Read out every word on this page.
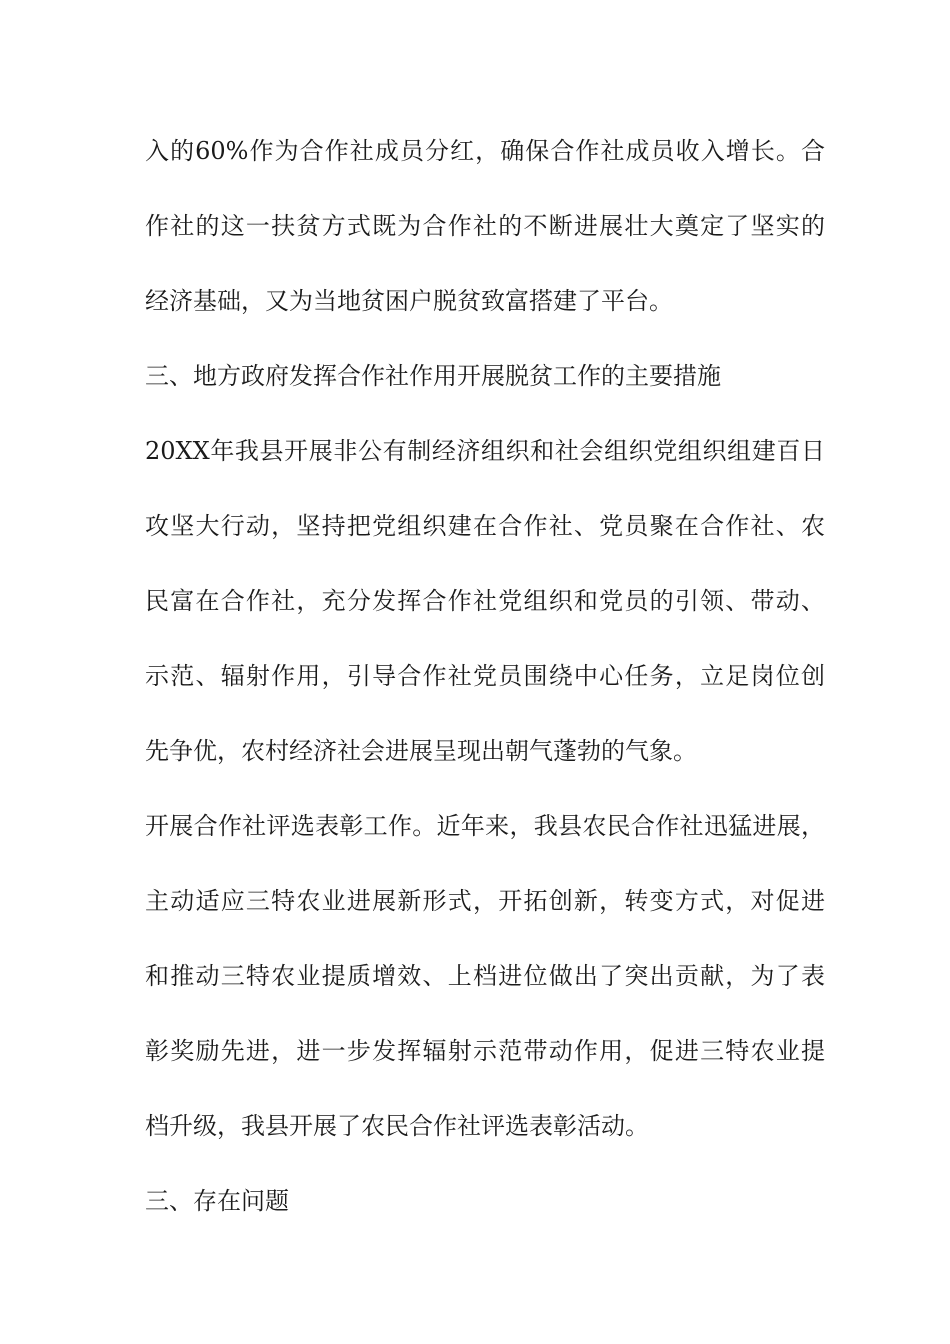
入的60%作为合作社成员分红，确保合作社成员收入增长。合
作社的这一扶贫方式既为合作社的不断进展壮大奠定了坚实的
经济基础，又为当地贫困户脱贫致富搭建了平台。
三、地方政府发挥合作社作用开展脱贫工作的主要措施
20XX年我县开展非公有制经济组织和社会组织党组织组建百日
攻坚大行动，坚持把党组织建在合作社、党员聚在合作社、农
民富在合作社，充分发挥合作社党组织和党员的引领、带动、
示范、辐射作用，引导合作社党员围绕中心任务，立足岗位创
先争优，农村经济社会进展呈现出朝气蓬勃的气象。
开展合作社评选表彰工作。近年来，我县农民合作社迅猛进展，
主动适应三特农业进展新形式，开拓创新，转变方式，对促进
和推动三特农业提质增效、上档进位做出了突出贡献，为了表
彰奖励先进，进一步发挥辐射示范带动作用，促进三特农业提
档升级，我县开展了农民合作社评选表彰活动。
三、存在问题
